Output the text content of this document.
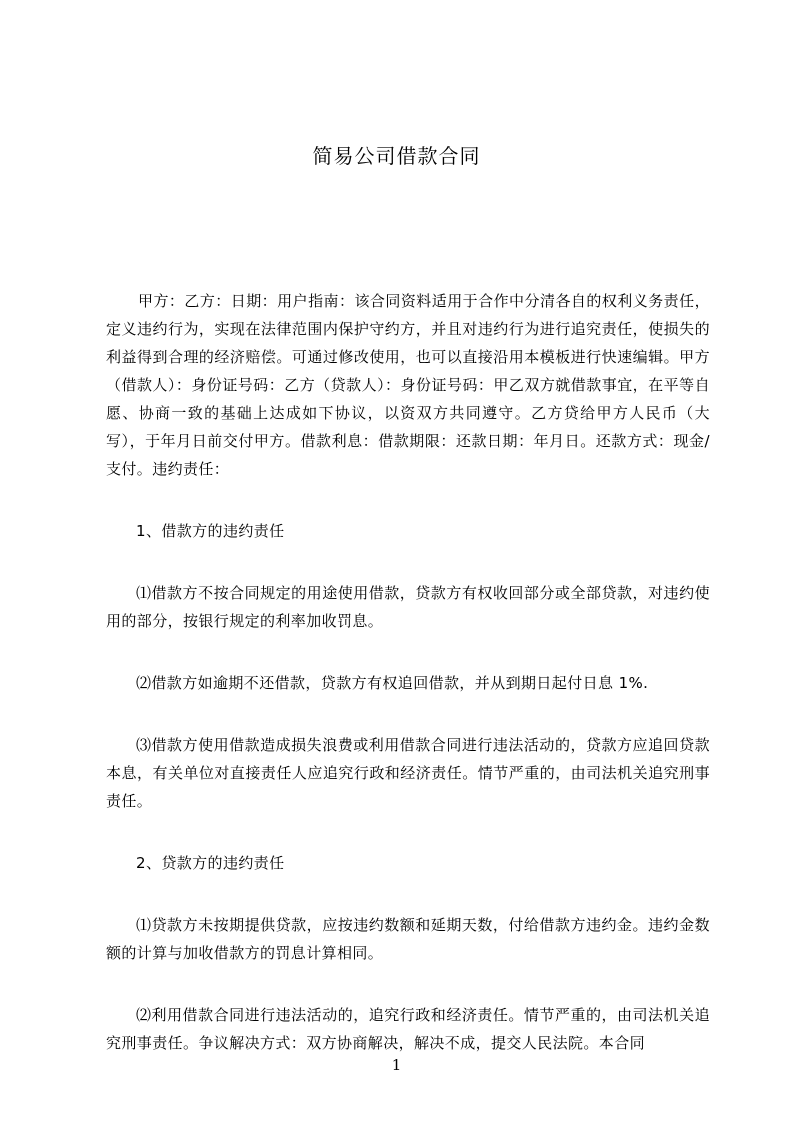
简易公司借款合同

甲方：乙方：日期：用户指南：该合同资料适用于合作中分清各自的权利义务责任，定义违约行为，实现在法律范围内保护守约方，并且对违约行为进行追究责任，使损失的利益得到合理的经济赔偿。可通过修改使用，也可以直接沿用本模板进行快速编辑。甲方（借款人）：身份证号码：乙方（贷款人）：身份证号码：甲乙双方就借款事宜，在平等自愿、协商一致的基础上达成如下协议，以资双方共同遵守。乙方贷给甲方人民币（大写），于年月日前交付甲方。借款利息：借款期限：还款日期：年月日。还款方式：现金/支付。违约责任：

1、借款方的违约责任

⑴借款方不按合同规定的用途使用借款，贷款方有权收回部分或全部贷款，对违约使用的部分，按银行规定的利率加收罚息。

⑵借款方如逾期不还借款，贷款方有权追回借款，并从到期日起付日息 1%.

⑶借款方使用借款造成损失浪费或利用借款合同进行违法活动的，贷款方应追回贷款本息，有关单位对直接责任人应追究行政和经济责任。情节严重的，由司法机关追究刑事责任。

2、贷款方的违约责任

⑴贷款方未按期提供贷款，应按违约数额和延期天数，付给借款方违约金。违约金数额的计算与加收借款方的罚息计算相同。

⑵利用借款合同进行违法活动的，追究行政和经济责任。情节严重的，由司法机关追究刑事责任。争议解决方式：双方协商解决，解决不成，提交人民法院。本合同

1
